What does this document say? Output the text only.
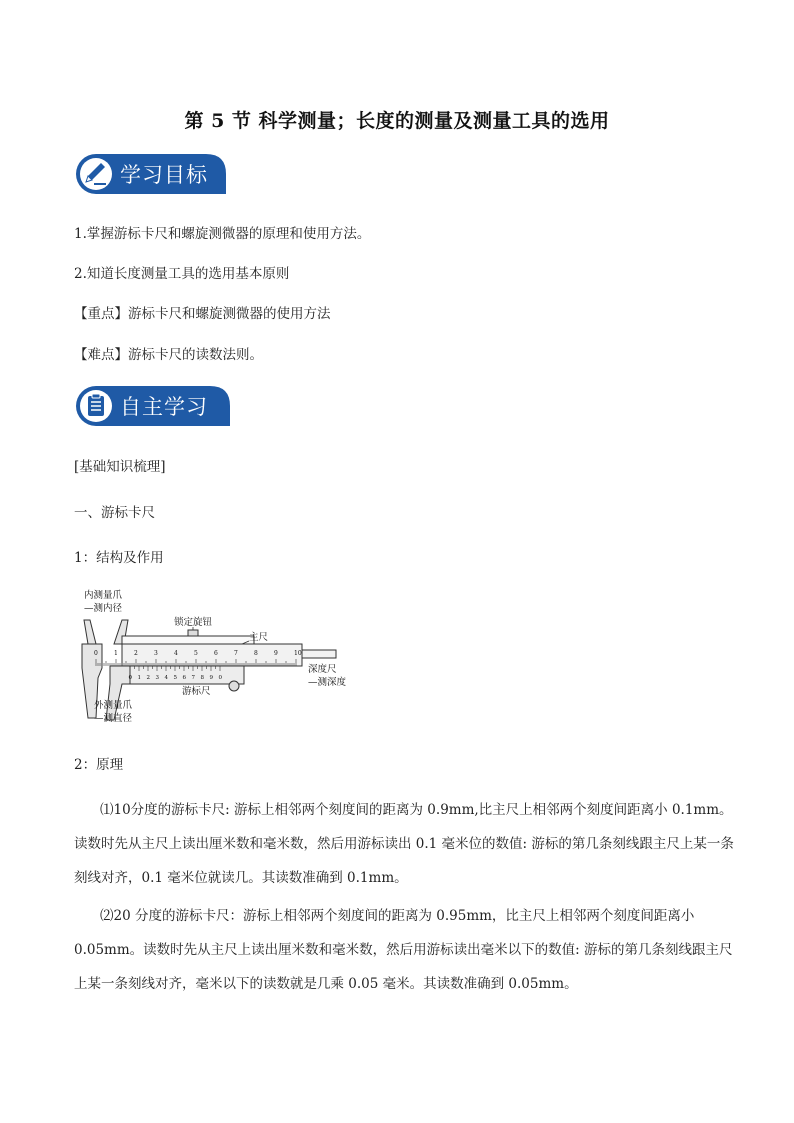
第 5 节 科学测量；长度的测量及测量工具的选用
学习目标
1.掌握游标卡尺和螺旋测微器的原理和使用方法。
2.知道长度测量工具的选用基本原则
【重点】游标卡尺和螺旋测微器的使用方法
【难点】游标卡尺的读数法则。
自主学习
[基础知识梳理]
一、游标卡尺
1：结构及作用
0	1	2	3	4	5	6	7	8	9	10
0 1 2 3 4 5 6 7 8 9 0
内测量爪
—测内径
锁定旋钮
主尺
深度尺
—测深度
游标尺
外测量爪
—测直径
2：原理
⑴10分度的游标卡尺: 游标上相邻两个刻度间的距离为 0.9mm,比主尺上相邻两个刻度间距离小 0.1mm。读数时先从主尺上读出厘米数和毫米数，然后用游标读出 0.1 毫米位的数值: 游标的第几条刻线跟主尺上某一条刻线对齐，0.1 毫米位就读几。其读数准确到 0.1mm。
⑵20 分度的游标卡尺：游标上相邻两个刻度间的距离为 0.95mm，比主尺上相邻两个刻度间距离小 0.05mm。读数时先从主尺上读出厘米数和毫米数，然后用游标读出毫米以下的数值: 游标的第几条刻线跟主尺上某一条刻线对齐，毫米以下的读数就是几乘 0.05 毫米。其读数准确到 0.05mm。
